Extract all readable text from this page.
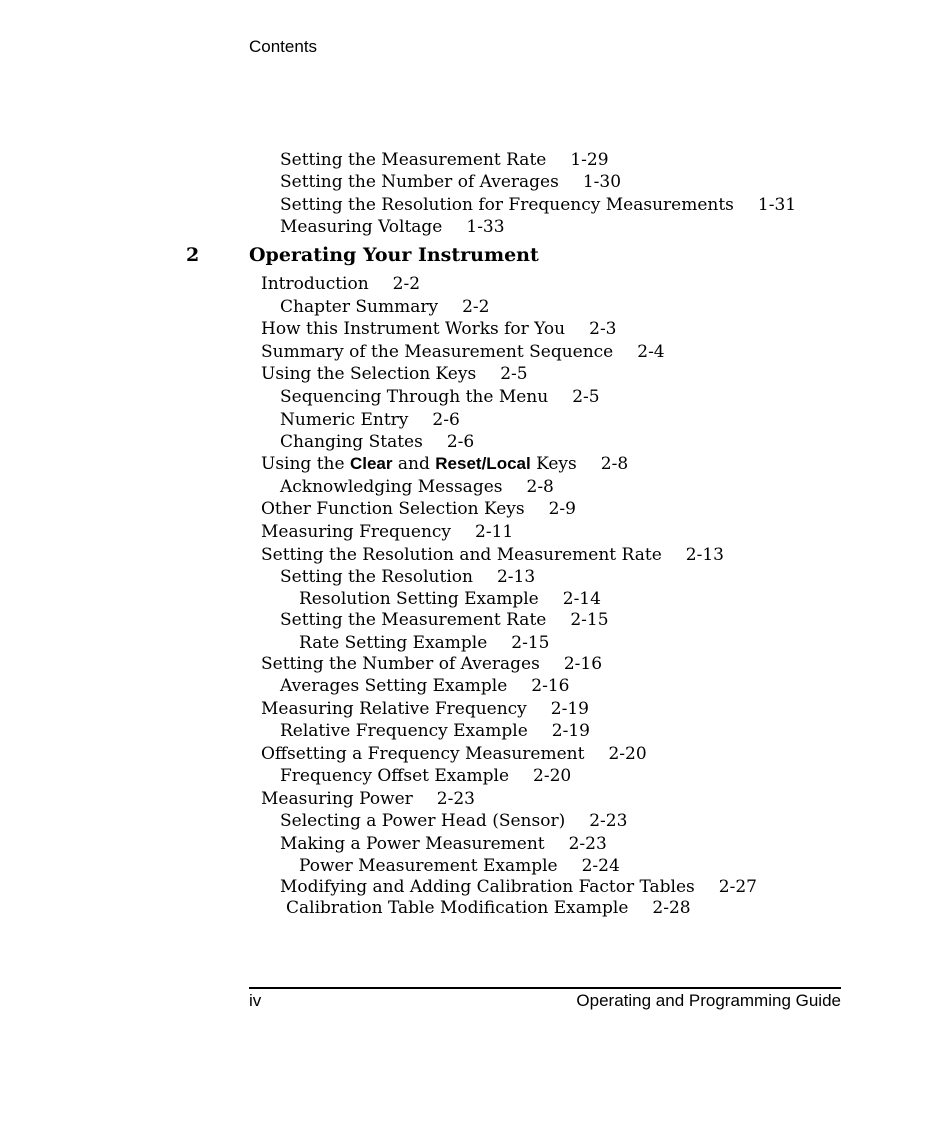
Contents
Setting the Measurement Rate 1-29
Setting the Number of Averages 1-30
Setting the Resolution for Frequency Measurements 1-31
Measuring Voltage 1-33
2	Operating Your Instrument
Introduction 2-2
Chapter Summary 2-2
How this Instrument Works for You 2-3
Summary of the Measurement Sequence 2-4
Using the Selection Keys 2-5
Sequencing Through the Menu 2-5
Numeric Entry 2-6
Changing States 2-6
Using the Clear and Reset/Local Keys 2-8
Acknowledging Messages 2-8
Other Function Selection Keys 2-9
Measuring Frequency 2-11
Setting the Resolution and Measurement Rate 2-13
Setting the Resolution 2-13
Resolution Setting Example 2-14
Setting the Measurement Rate 2-15
Rate Setting Example 2-15
Setting the Number of Averages 2-16
Averages Setting Example 2-16
Measuring Relative Frequency 2-19
Relative Frequency Example 2-19
Offsetting a Frequency Measurement 2-20
Frequency Offset Example 2-20
Measuring Power 2-23
Selecting a Power Head (Sensor) 2-23
Making a Power Measurement 2-23
Power Measurement Example 2-24
Modifying and Adding Calibration Factor Tables 2-27
Calibration Table Modification Example 2-28
iv	Operating and Programming Guide
